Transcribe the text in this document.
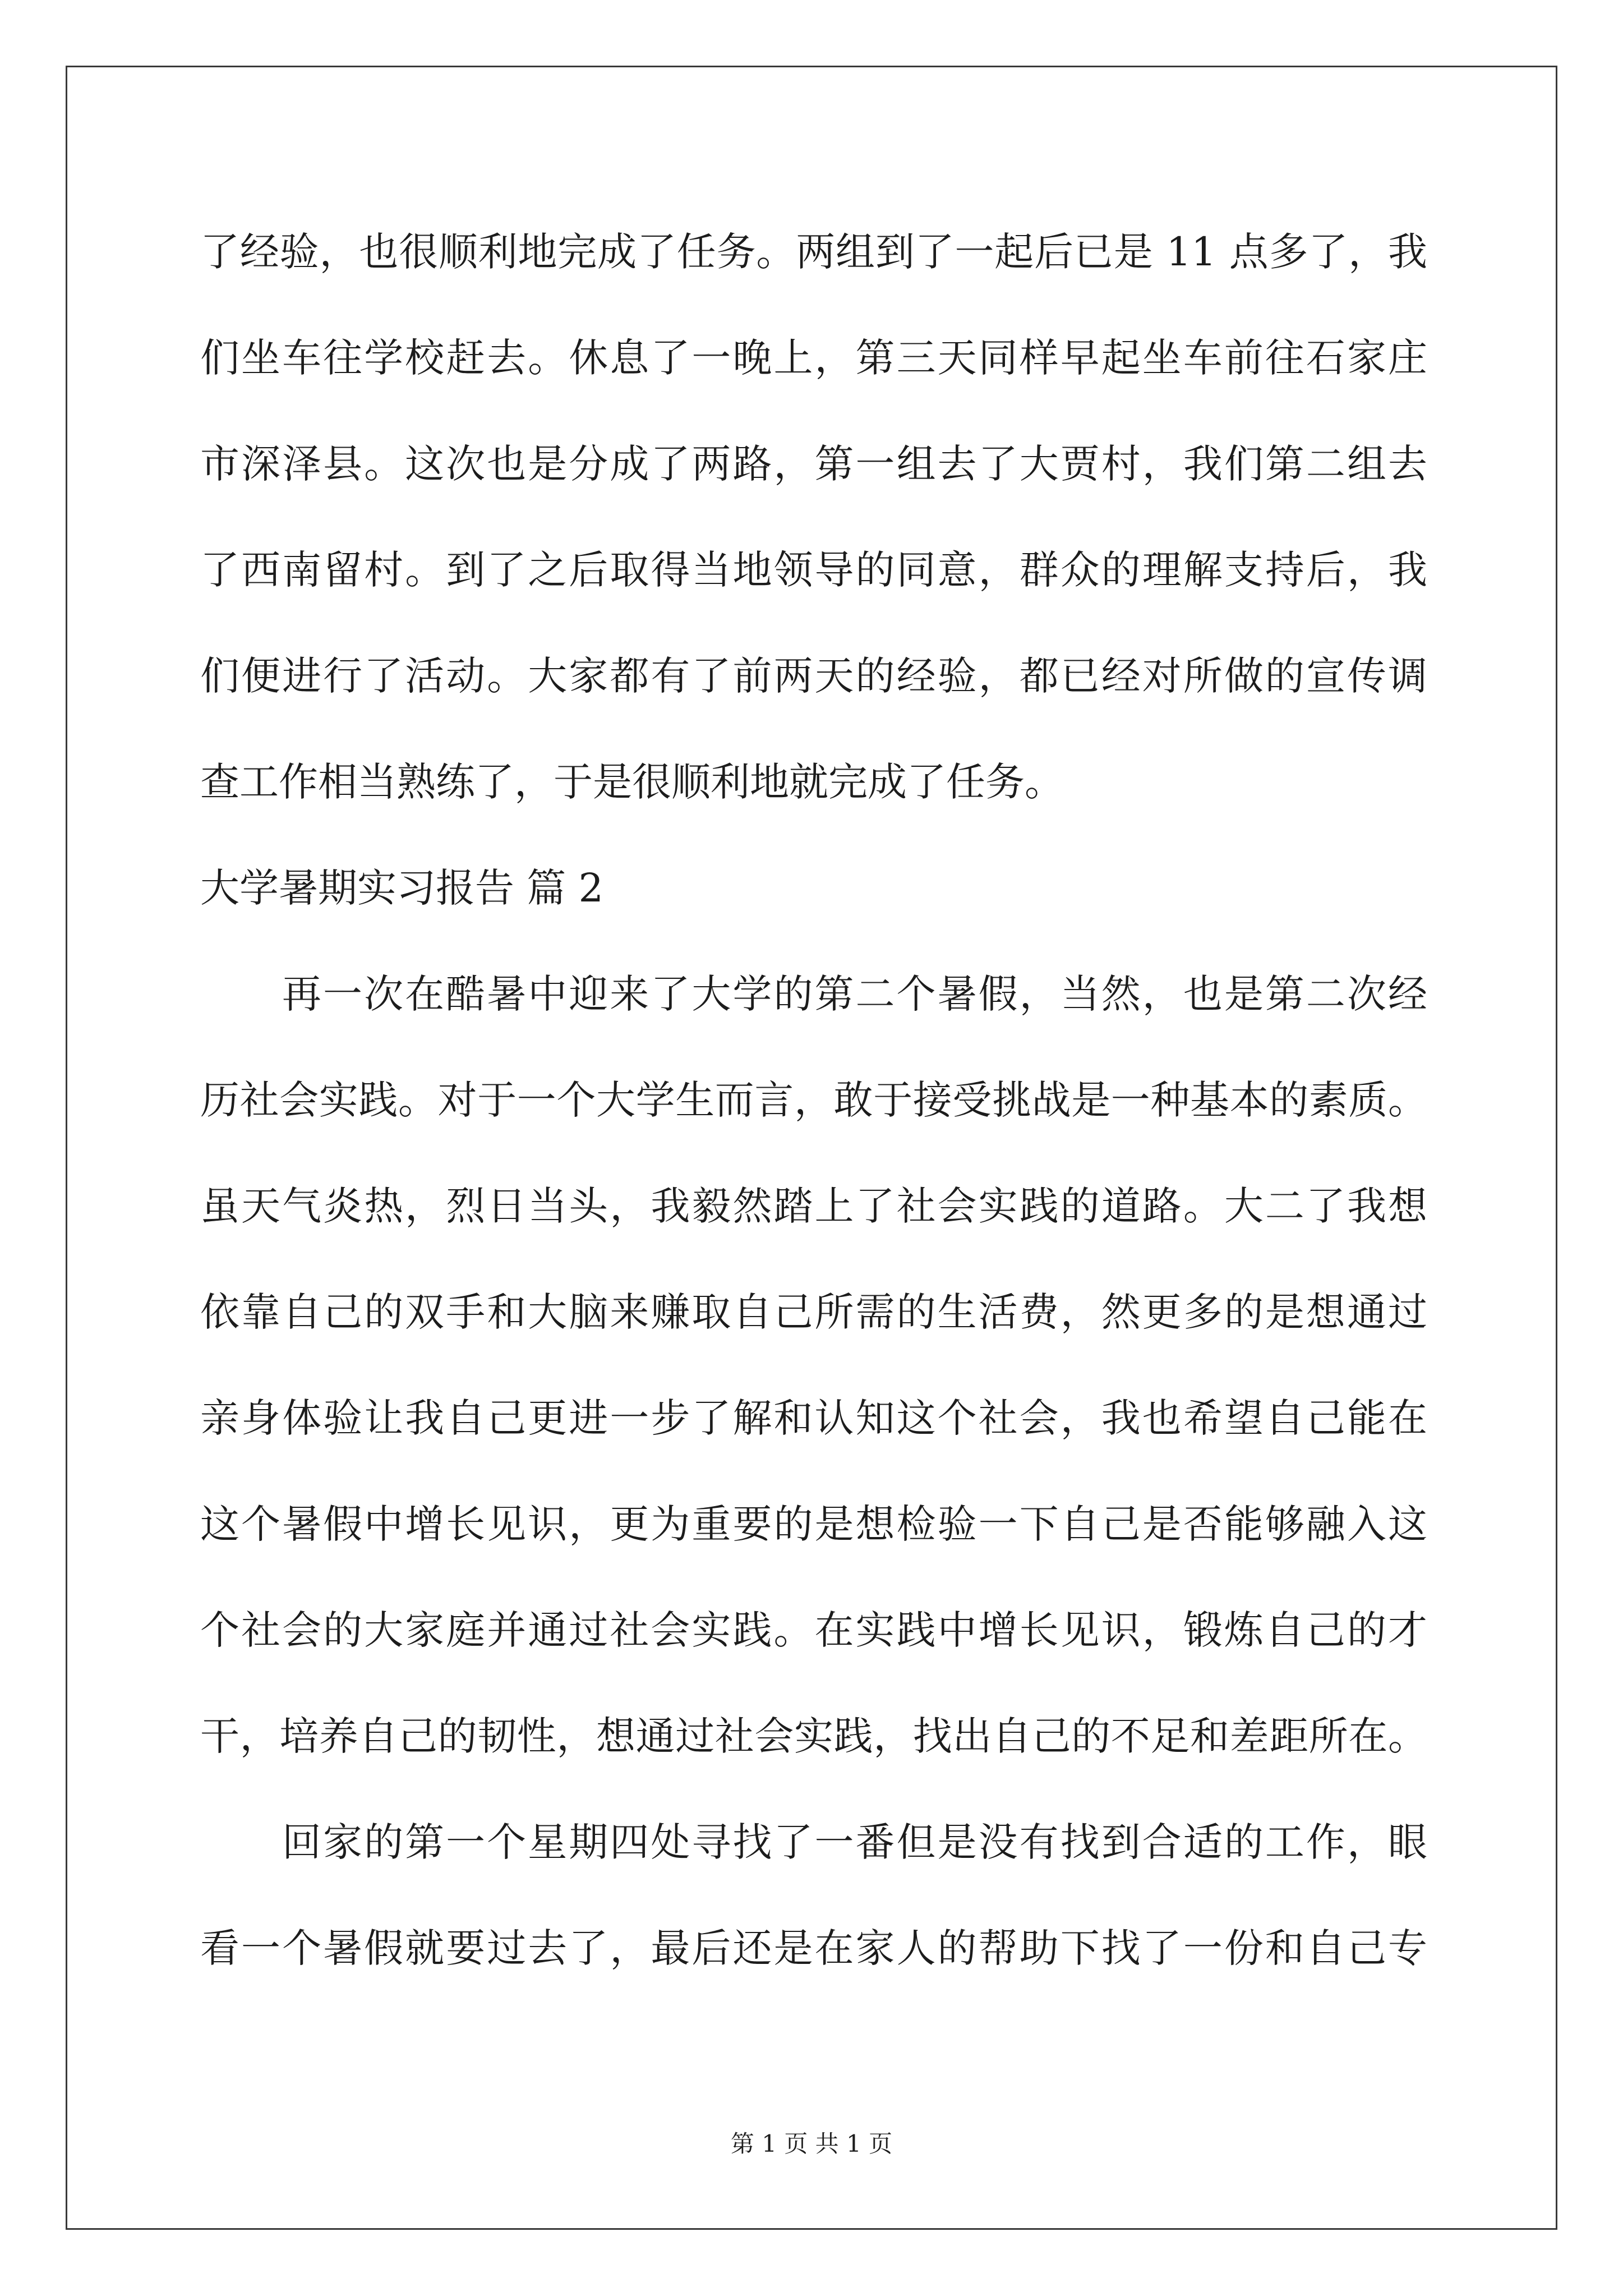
了经验，也很顺利地完成了任务。两组到了一起后已是 11 点多了，我
们坐车往学校赶去。休息了一晚上，第三天同样早起坐车前往石家庄
市深泽县。这次也是分成了两路，第一组去了大贾村，我们第二组去
了西南留村。到了之后取得当地领导的同意，群众的理解支持后，我
们便进行了活动。大家都有了前两天的经验，都已经对所做的宣传调
查工作相当熟练了，于是很顺利地就完成了任务。
大学暑期实习报告 篇 2
再一次在酷暑中迎来了大学的第二个暑假，当然，也是第二次经
历社会实践。对于一个大学生而言，敢于接受挑战是一种基本的素质。
虽天气炎热，烈日当头，我毅然踏上了社会实践的道路。大二了我想
依靠自己的双手和大脑来赚取自己所需的生活费，然更多的是想通过
亲身体验让我自己更进一步了解和认知这个社会，我也希望自己能在
这个暑假中增长见识，更为重要的是想检验一下自己是否能够融入这
个社会的大家庭并通过社会实践。在实践中增长见识，锻炼自己的才
干，培养自己的韧性，想通过社会实践，找出自己的不足和差距所在。
回家的第一个星期四处寻找了一番但是没有找到合适的工作，眼
看一个暑假就要过去了，最后还是在家人的帮助下找了一份和自己专
第 1 页 共 1 页
